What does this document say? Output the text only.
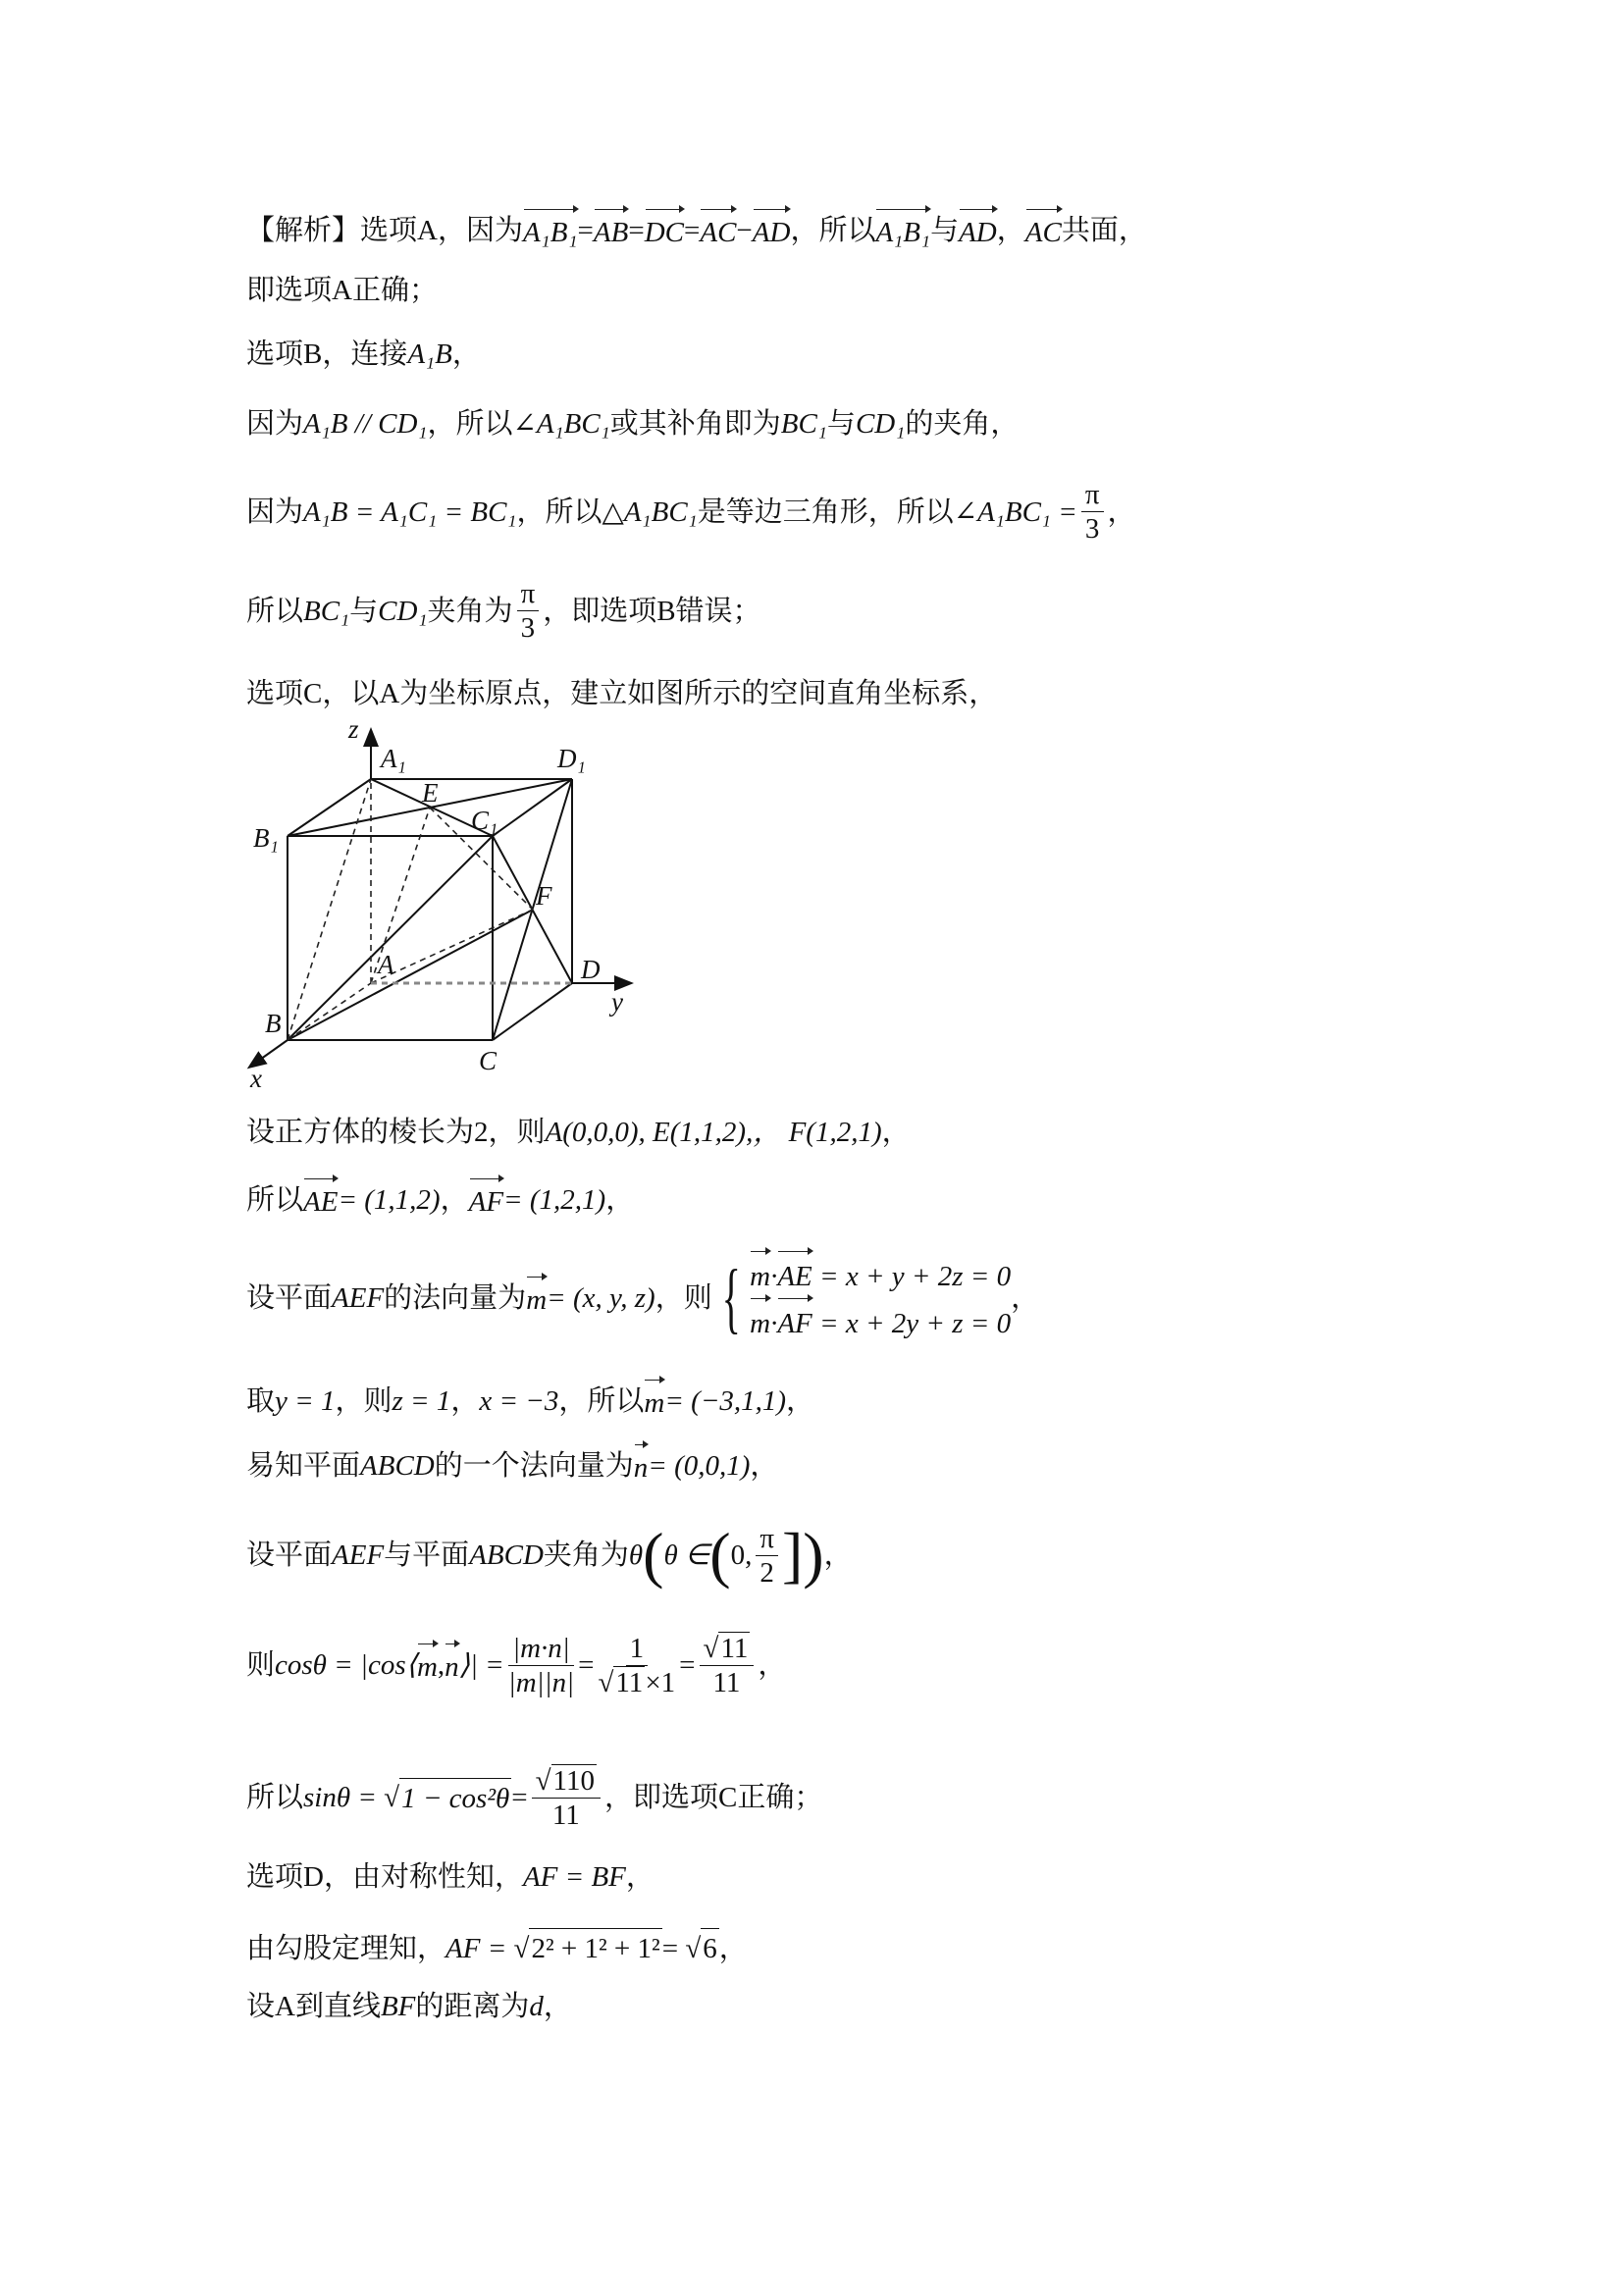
【解析】选项A，因为 A₁B₁ = AB = DC = AC − AD ，所以 A₁B₁ 与 AD ， AC 共面，
即选项A正确；
选项B，连接 A₁B ，
因为 A₁B // CD₁ ，所以∠ A₁BC₁ 或其补角即为 BC₁ 与 CD₁ 的夹角，
因为 A₁B = A₁C₁ = BC₁ ，所以△ A₁BC₁ 是等边三角形，所以∠ $A_1BC_1 = \frac{\pi}{3}$ ，
所以 BC₁ 与 CD₁ 夹角为 $\frac{\pi}{3}$ ，即选项B错误；
选项C，以A为坐标原点，建立如图所示的空间直角坐标系，
z
A₁	D₁
E
C₁
B₁
F
A	D
y
B
C
x
设正方体的棱长为2，则 A(0,0,0), E(1,1,2),， F(1,2,1) ，
所以 AE = (1,1,2) ， AF = (1,2,1) ，
设平面 AEF 的法向量为 m = (x, y, z) ，则 { m·AE = x + y + 2z = 0
m·AF = x + 2y + z = 0
，
取 y = 1 ，则 z = 1 ， x = −3 ，所以 m = (−3,1,1) ，
易知平面 ABCD 的一个法向量为 n = (0,0,1) ，
设平面 AEF 与平面 ABCD 夹角为 θ ( θ ∈ ( 0, $\frac{\pi}{2}$ ] ) ，
则 cosθ = |cos⟨ m , n ⟩| = $\frac{|m\cdot n|}{|m||n|} = \frac{1}{√11\times 1} = \frac{√11}{11}$ ，
所以 sinθ = √ $1 - \cos^2\theta = \frac{√110}{11}$ ，即选项C正确；
选项D，由对称性知， AF = BF ，
由勾股定理知， AF = √ 2² + 1² + 1² = √ 6 ，
设A到直线 BF 的距离为 d ，
